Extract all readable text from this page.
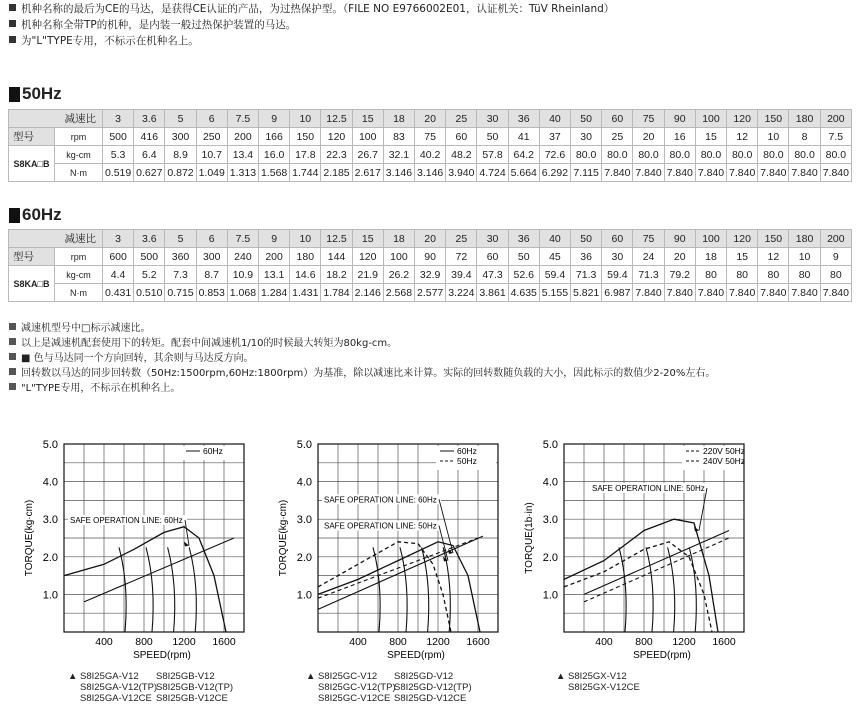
机种名称的最后为CE的马达，是获得CE认证的产品，为过热保护型。（FILE NO E9766002E01，认证机关：TüV Rheinland）
机种名称全带TP的机种，是内装一般过热保护装置的马达。
为"L"TYPE专用，不标示在机种名上。
50Hz
减速比		3	3.6	5	6	7.5	9	10	12.5	15	18	20	25	30	36	40	50	60	75	90	100	120	150	180	200
型号	rpm	500	416	300	250	200	166	150	120	100	83	75	60	50	41	37	30	25	20	16	15	12	10	8	7.5
S8KA□B	kg-cm	5.3	6.4	8.9	10.7	13.4	16.0	17.8	22.3	26.7	32.1	40.2	48.2	57.8	64.2	72.6	80.0	80.0	80.0	80.0	80.0	80.0	80.0	80.0	80.0
	N·m	0.519	0.627	0.872	1.049	1.313	1.568	1.744	2.185	2.617	3.146	3.146	3.940	4.724	5.664	6.292	7.115	7.840	7.840	7.840	7.840	7.840	7.840	7.840	7.840
60Hz
减速比		3	3.6	5	6	7.5	9	10	12.5	15	18	20	25	30	36	40	50	60	75	90	100	120	150	180	200
型号	rpm	600	500	360	300	240	200	180	144	120	100	90	72	60	50	45	36	30	24	20	18	15	12	10	9
S8KA□B	kg-cm	4.4	5.2	7.3	8.7	10.9	13.1	14.6	18.2	21.9	26.2	32.9	39.4	47.3	52.6	59.4	71.3	59.4	71.3	79.2	80	80	80	80	80
	N·m	0.431	0.510	0.715	0.853	1.068	1.284	1.431	1.784	2.146	2.568	2.577	3.224	3.861	4.635	5.155	5.821	6.987	7.840	7.840	7.840	7.840	7.840	7.840	7.840
减速机型号中□标示减速比。
以上是减速机配套使用下的转矩。配套中间减速机1/10的时候最大转矩为80kg-cm。
■ 色与马达同一个方向回转，其余则与马达反方向。
回转数以马达的同步回转数（50Hz:1500rpm,60Hz:1800rpm）为基准，除以减速比来计算。实际的回转数随负载的大小，因此标示的数值少2-20%左右。
"L"TYPE专用，不标示在机种名上。
1.0
2.0
3.0
4.0
5.0
400 800 1200 1600
SPEED(rpm)
TORQUE(kg·cm)
60Hz
SAFE OPERATION LINE: 60Hz
1.0
2.0
3.0
4.0
5.0
400 800 1200 1600
SPEED(rpm)
TORQUE(kg·cm)
60Hz
50Hz
SAFE OPERATION LINE: 60Hz
SAFE OPERATION LINE: 50Hz
1.0
2.0
3.0
4.0
5.0
400 800 1200 1600
SPEED(rpm)
TORQUE(1b·in)
220V 50Hz
240V 50Hz
SAFE OPERATION LINE: 50Hz
▲ S8I25GA-V12 S8I25GB-V12
S8I25GA-V12(TP)S8I25GB-V12(TP)
S8I25GA-V12CE S8I25GB-V12CE
▲ S8I25GC-V12 S8I25GD-V12
S8I25GC-V12(TP)S8I25GD-V12(TP)
S8I25GC-V12CE S8I25GD-V12CE
▲ S8I25GX-V12
S8I25GX-V12CE
